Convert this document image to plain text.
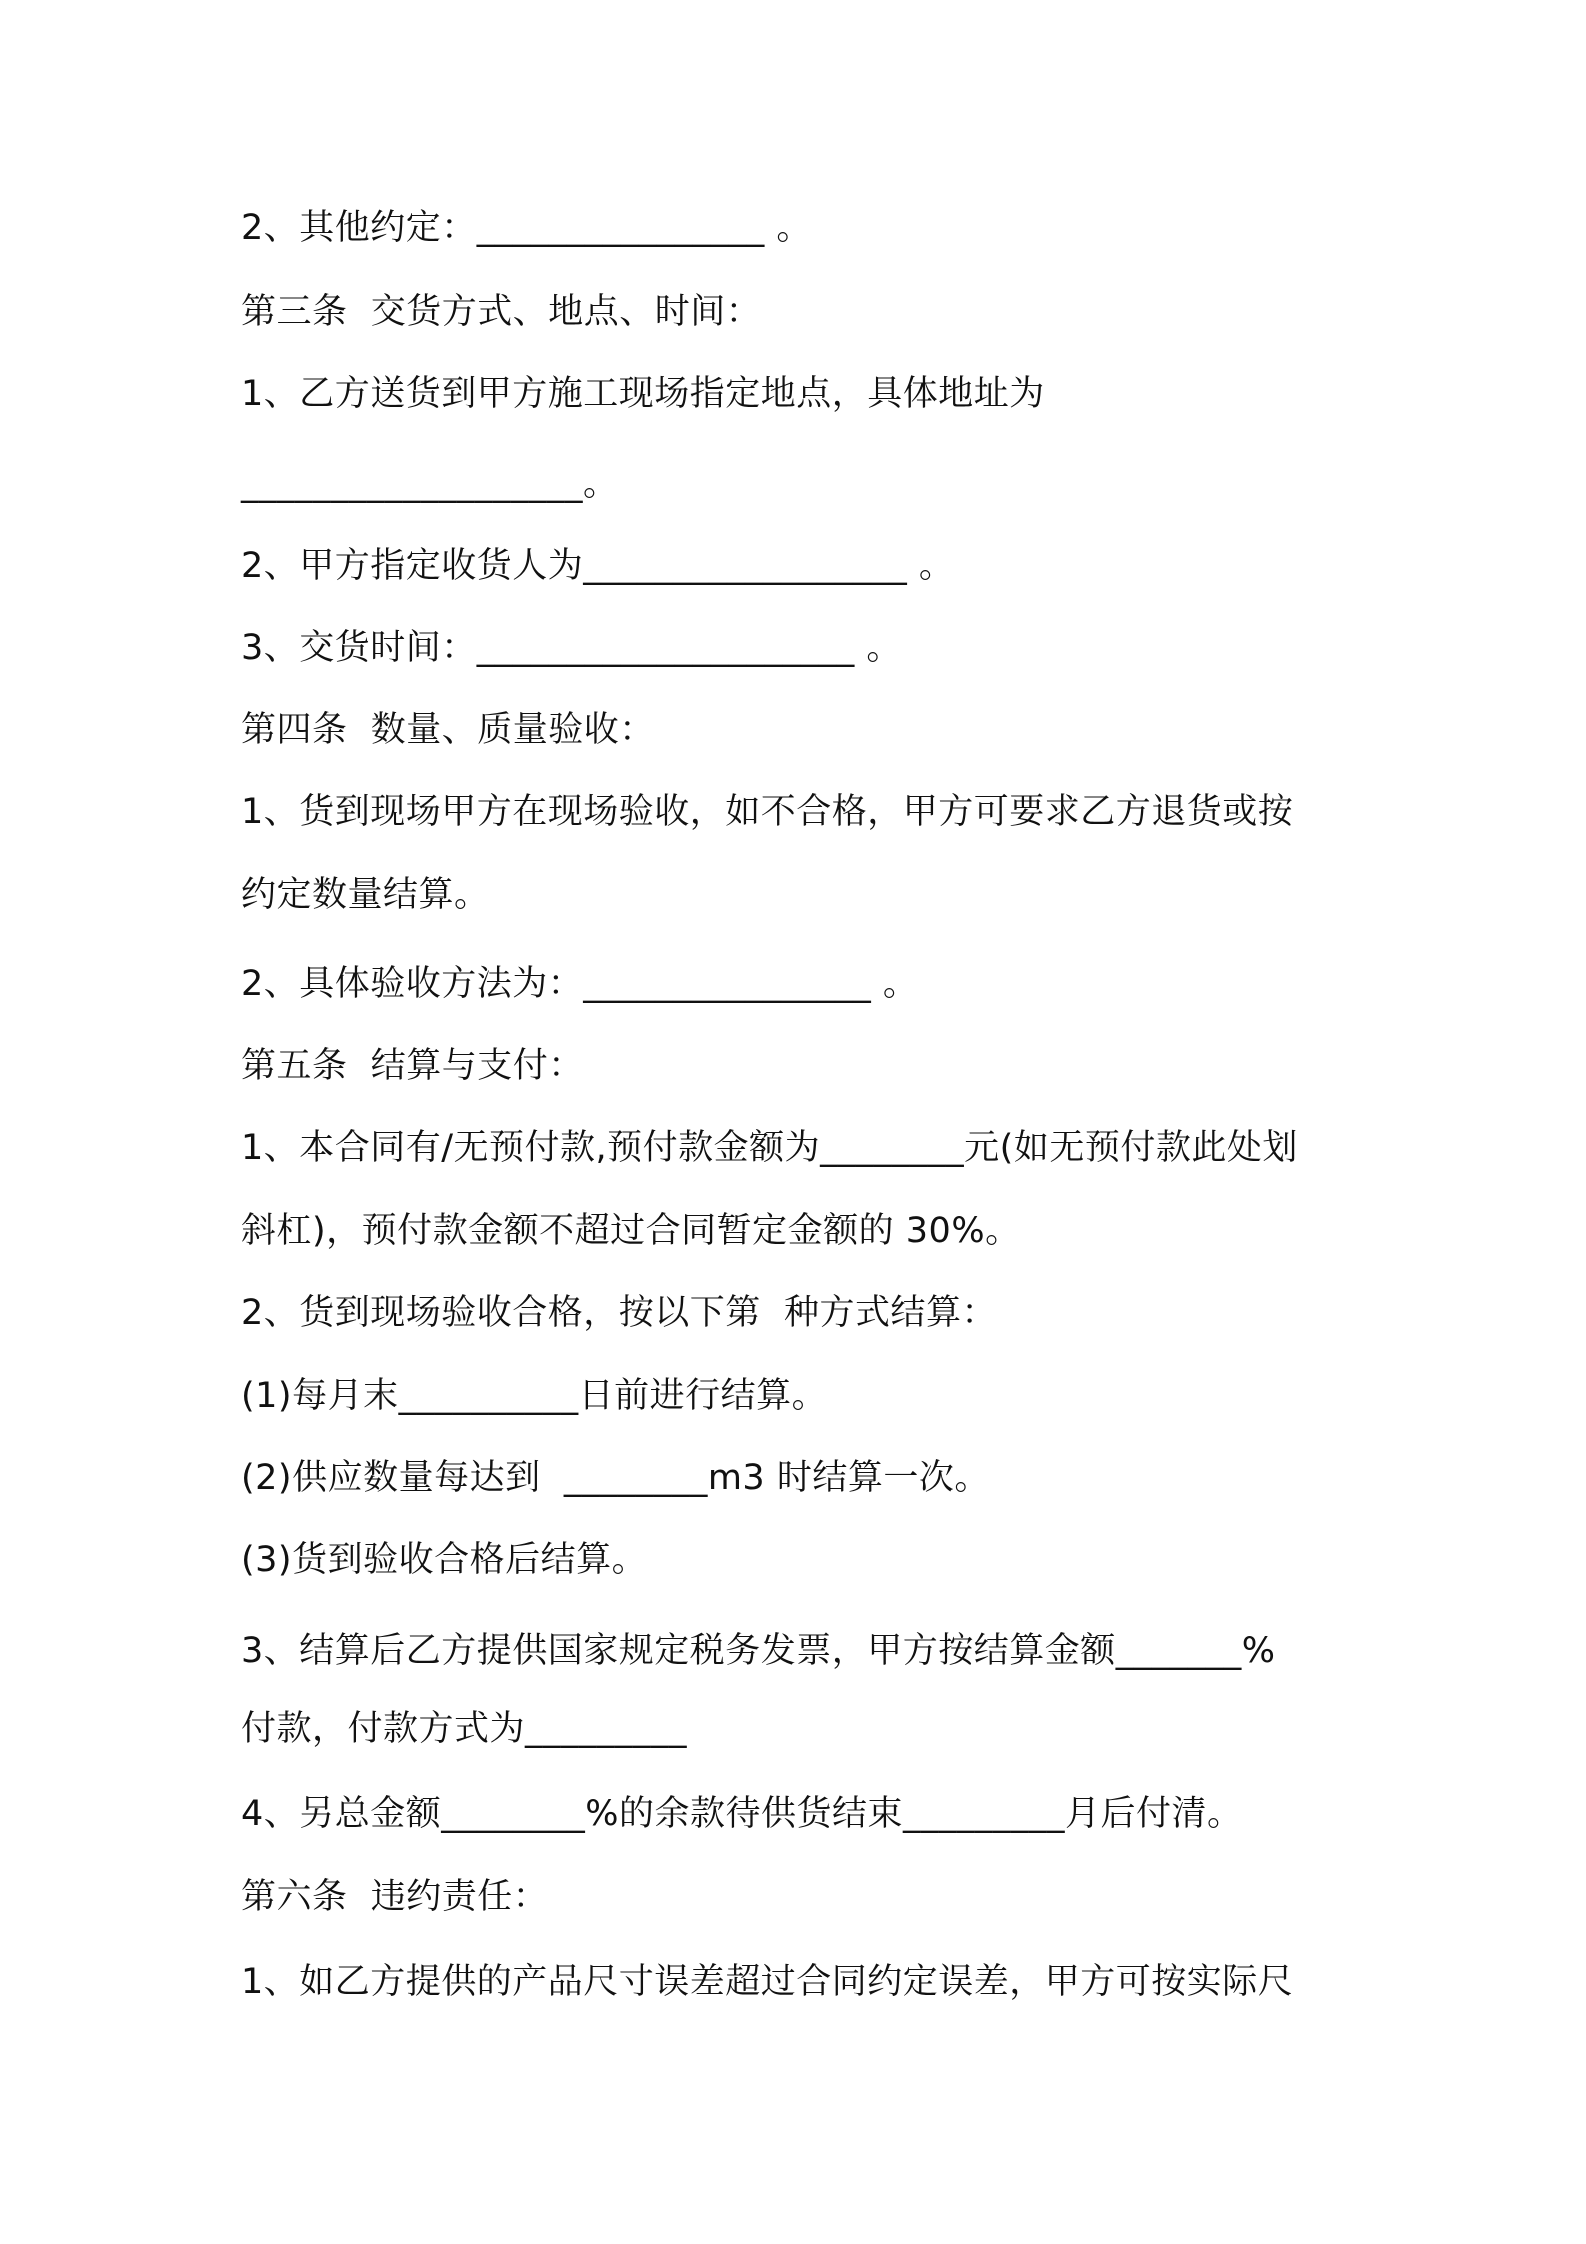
2、其他约定：________________ 。
第三条  交货方式、地点、时间：
1、乙方送货到甲方施工现场指定地点，具体地址为
___________________。
2、甲方指定收货人为__________________ 。
3、交货时间：_____________________ 。
第四条  数量、质量验收：
1、货到现场甲方在现场验收，如不合格，甲方可要求乙方退货或按
约定数量结算。
2、具体验收方法为：________________ 。
第五条  结算与支付：
1、本合同有/无预付款,预付款金额为________元(如无预付款此处划
斜杠)，预付款金额不超过合同暂定金额的 30%。
2、货到现场验收合格，按以下第  种方式结算：
(1)每月末__________日前进行结算。
(2)供应数量每达到  ________m3 时结算一次。
(3)货到验收合格后结算。
3、结算后乙方提供国家规定税务发票，甲方按结算金额_______%
付款，付款方式为_________
4、另总金额________%的余款待供货结束_________月后付清。
第六条  违约责任：
1、如乙方提供的产品尺寸误差超过合同约定误差，甲方可按实际尺
